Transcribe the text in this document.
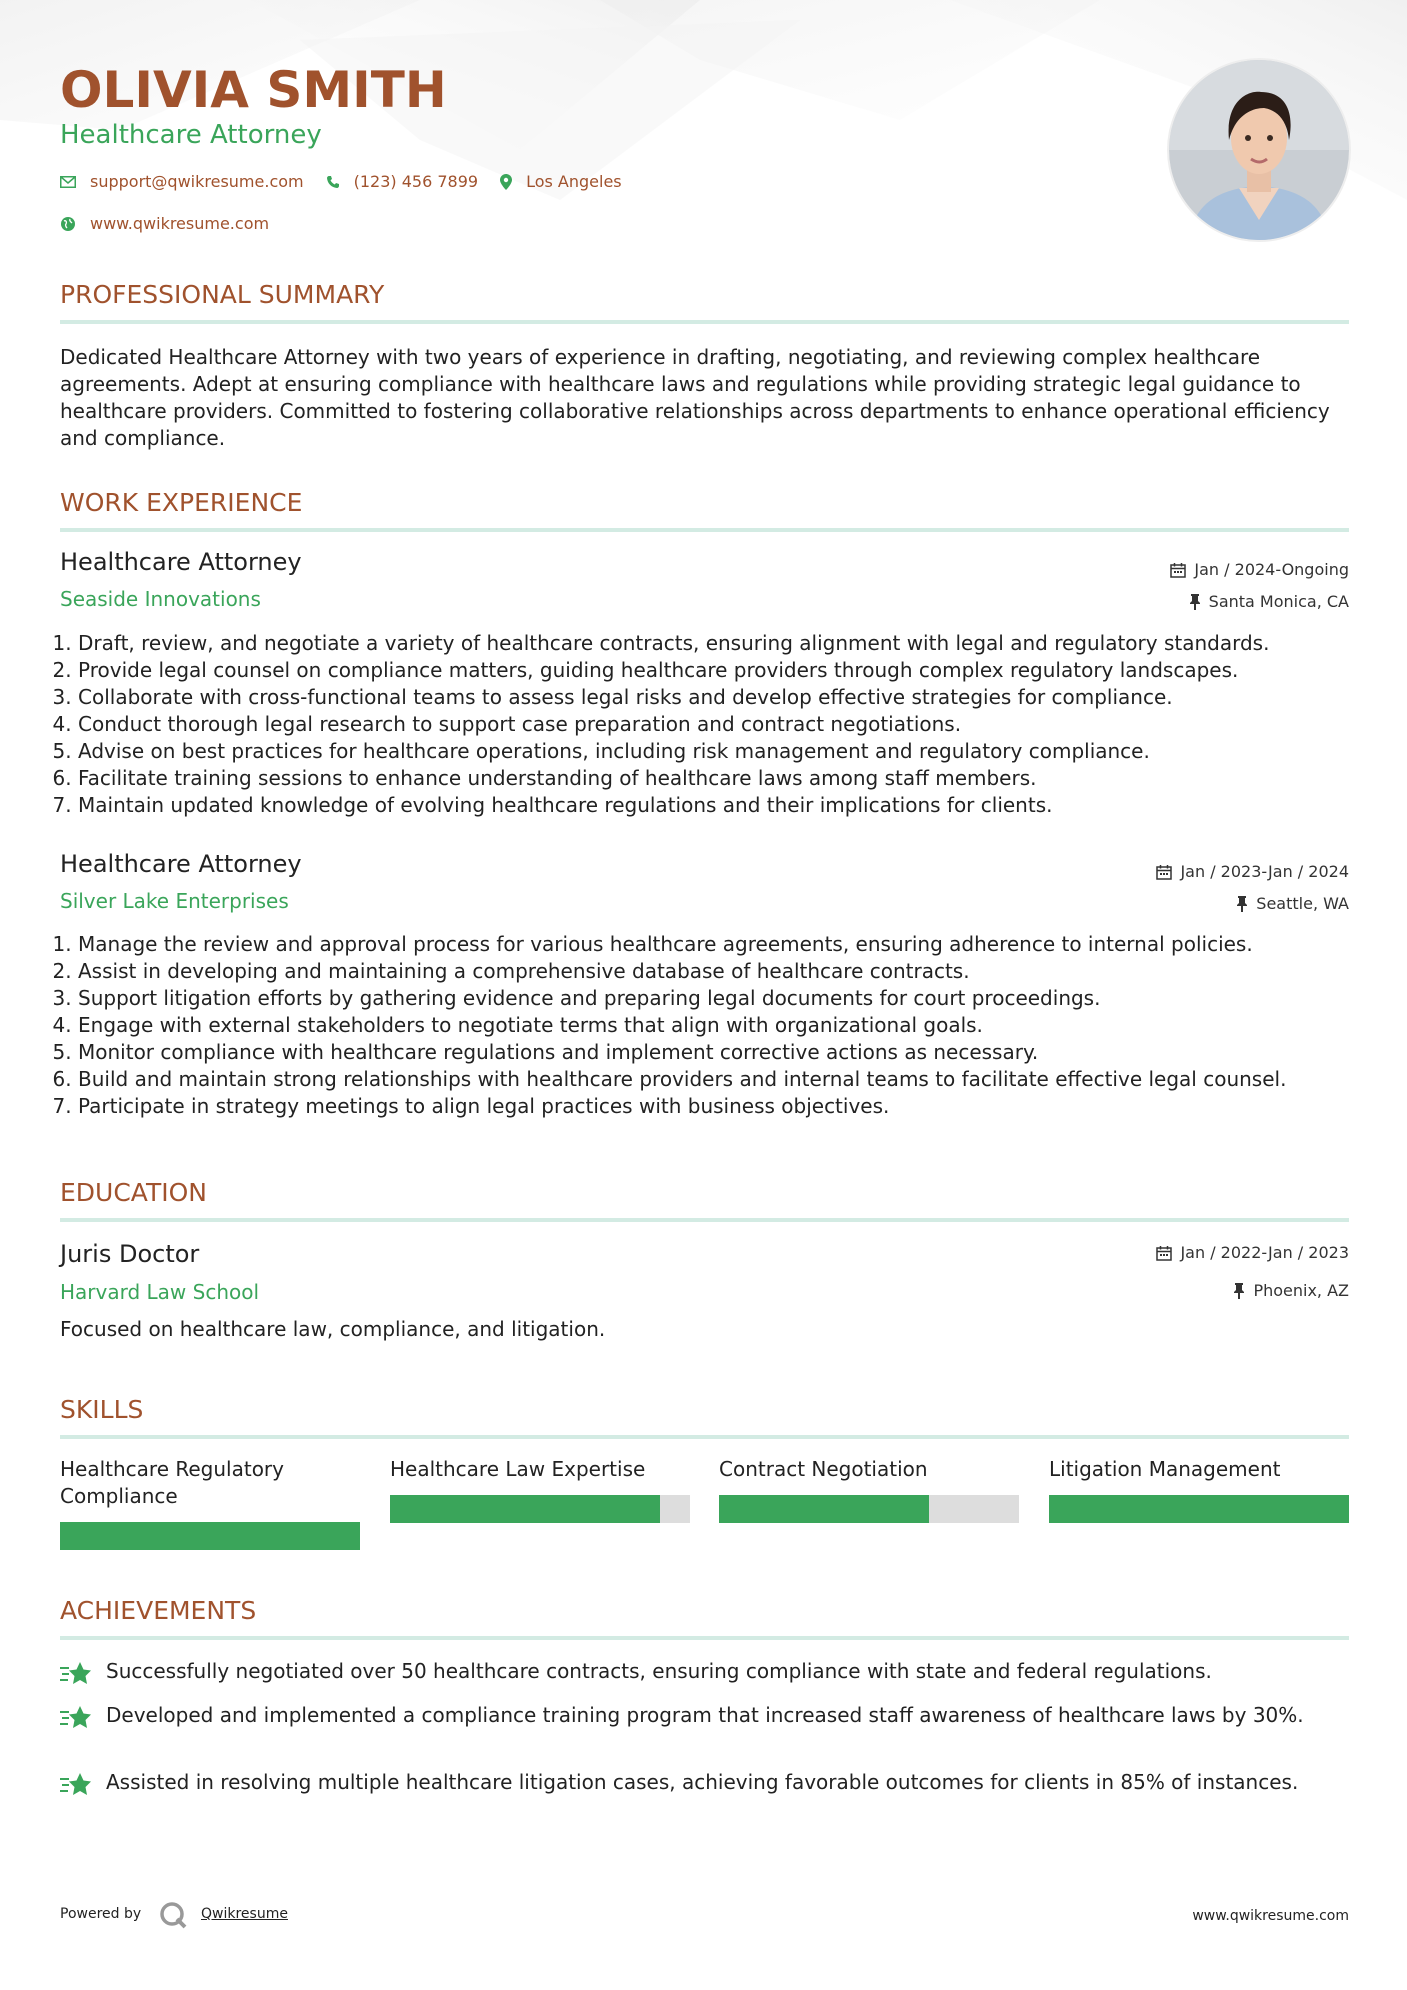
OLIVIA SMITH
Healthcare Attorney
support@qwikresume.com	(123) 456 7899	Los Angeles
www.qwikresume.com
PROFESSIONAL SUMMARY

Dedicated Healthcare Attorney with two years of experience in drafting, negotiating, and reviewing complex healthcare agreements. Adept at ensuring compliance with healthcare laws and regulations while providing strategic legal guidance to healthcare providers. Committed to fostering collaborative relationships across departments to enhance operational efficiency and compliance.

WORK EXPERIENCE
Healthcare Attorney	Jan / 2024-Ongoing
Seaside Innovations	Santa Monica, CA
1. Draft, review, and negotiate a variety of healthcare contracts, ensuring alignment with legal and regulatory standards.
2. Provide legal counsel on compliance matters, guiding healthcare providers through complex regulatory landscapes.
3. Collaborate with cross-functional teams to assess legal risks and develop effective strategies for compliance.
4. Conduct thorough legal research to support case preparation and contract negotiations.
5. Advise on best practices for healthcare operations, including risk management and regulatory compliance.
6. Facilitate training sessions to enhance understanding of healthcare laws among staff members.
7. Maintain updated knowledge of evolving healthcare regulations and their implications for clients.
Healthcare Attorney	Jan / 2023-Jan / 2024
Silver Lake Enterprises	Seattle, WA
1. Manage the review and approval process for various healthcare agreements, ensuring adherence to internal policies.
2. Assist in developing and maintaining a comprehensive database of healthcare contracts.
3. Support litigation efforts by gathering evidence and preparing legal documents for court proceedings.
4. Engage with external stakeholders to negotiate terms that align with organizational goals.
5. Monitor compliance with healthcare regulations and implement corrective actions as necessary.
6. Build and maintain strong relationships with healthcare providers and internal teams to facilitate effective legal counsel.
7. Participate in strategy meetings to align legal practices with business objectives.
EDUCATION
Juris Doctor	Jan / 2022-Jan / 2023
Harvard Law School	Phoenix, AZ

Focused on healthcare law, compliance, and litigation.

SKILLS
Healthcare Regulatory Compliance
Healthcare Law Expertise	Contract Negotiation	Litigation Management
ACHIEVEMENTS
Successfully negotiated over 50 healthcare contracts, ensuring compliance with state and federal regulations.
Developed and implemented a compliance training program that increased staff awareness of healthcare laws by 30%.
Assisted in resolving multiple healthcare litigation cases, achieving favorable outcomes for clients in 85% of instances.
Powered by	Qwikresume	www.qwikresume.com
